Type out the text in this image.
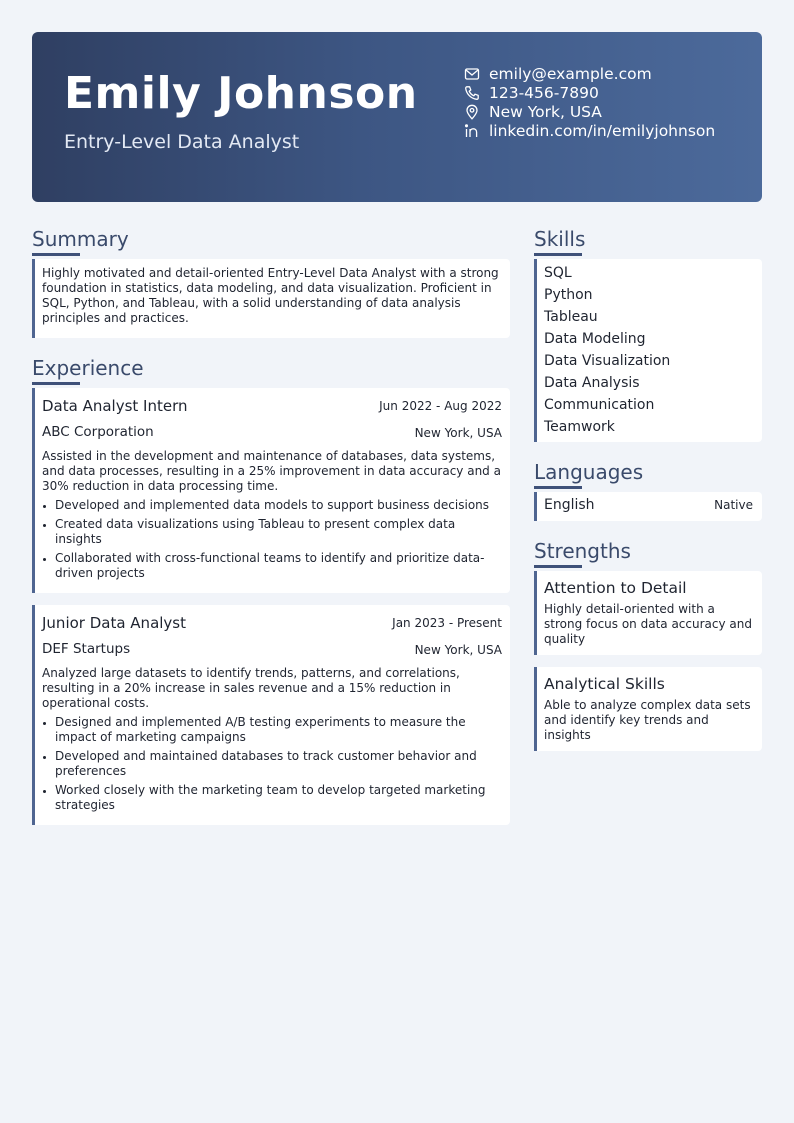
Emily Johnson
Entry-Level Data Analyst
emily@example.com
123-456-7890
New York, USA
linkedin.com/in/emilyjohnson
Summary
Highly motivated and detail-oriented Entry-Level Data Analyst with a strong foundation in statistics, data modeling, and data visualization. Proficient in SQL, Python, and Tableau, with a solid understanding of data analysis principles and practices.
Experience
Data Analyst Intern	Jun 2022 - Aug 2022
ABC Corporation	New York, USA
Assisted in the development and maintenance of databases, data systems, and data processes, resulting in a 25% improvement in data accuracy and a 30% reduction in data processing time.
Developed and implemented data models to support business decisions
Created data visualizations using Tableau to present complex data insights
Collaborated with cross-functional teams to identify and prioritize data-driven projects
Junior Data Analyst	Jan 2023 - Present
DEF Startups	New York, USA
Analyzed large datasets to identify trends, patterns, and correlations, resulting in a 20% increase in sales revenue and a 15% reduction in operational costs.
Designed and implemented A/B testing experiments to measure the impact of marketing campaigns
Developed and maintained databases to track customer behavior and preferences
Worked closely with the marketing team to develop targeted marketing strategies
Skills
SQL
Python
Tableau
Data Modeling
Data Visualization
Data Analysis
Communication
Teamwork
Languages
English	Native
Strengths
Attention to Detail
Highly detail-oriented with a strong focus on data accuracy and quality
Analytical Skills
Able to analyze complex data sets and identify key trends and insights
